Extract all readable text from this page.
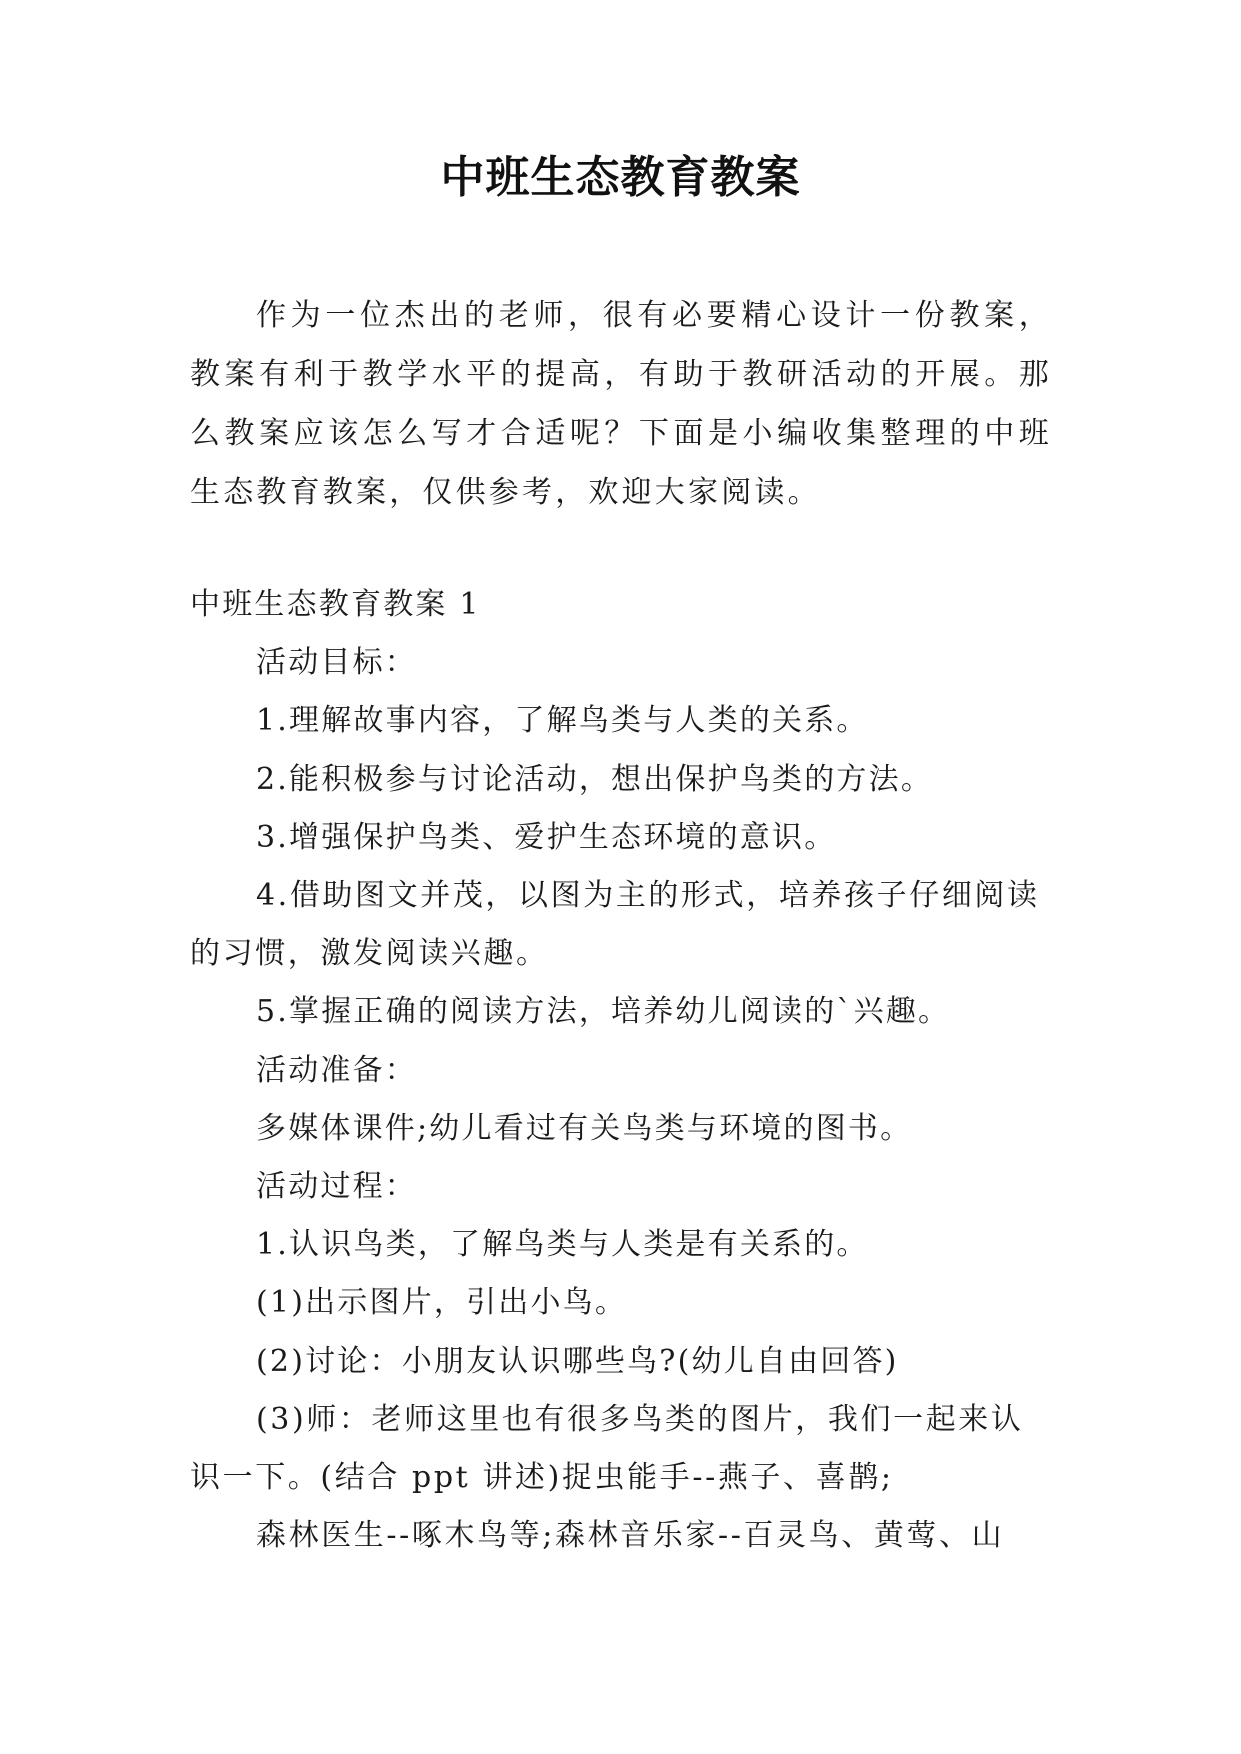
中班生态教育教案
作为一位杰出的老师，很有必要精心设计一份教案，教案有利于教学水平的提高，有助于教研活动的开展。那么教案应该怎么写才合适呢？下面是小编收集整理的中班生态教育教案，仅供参考，欢迎大家阅读。

中班生态教育教案 1

活动目标：

1.理解故事内容，了解鸟类与人类的关系。

2.能积极参与讨论活动，想出保护鸟类的方法。

3.增强保护鸟类、爱护生态环境的意识。

4.借助图文并茂，以图为主的形式，培养孩子仔细阅读的习惯，激发阅读兴趣。

5.掌握正确的阅读方法，培养幼儿阅读的`兴趣。

活动准备：

多媒体课件;幼儿看过有关鸟类与环境的图书。

活动过程：

1.认识鸟类，了解鸟类与人类是有关系的。

(1)出示图片，引出小鸟。

(2)讨论：小朋友认识哪些鸟?(幼儿自由回答)

(3)师：老师这里也有很多鸟类的图片，我们一起来认识一下。(结合 ppt 讲述)捉虫能手--燕子、喜鹊;

森林医生--啄木鸟等;森林音乐家--百灵鸟、黄莺、山
